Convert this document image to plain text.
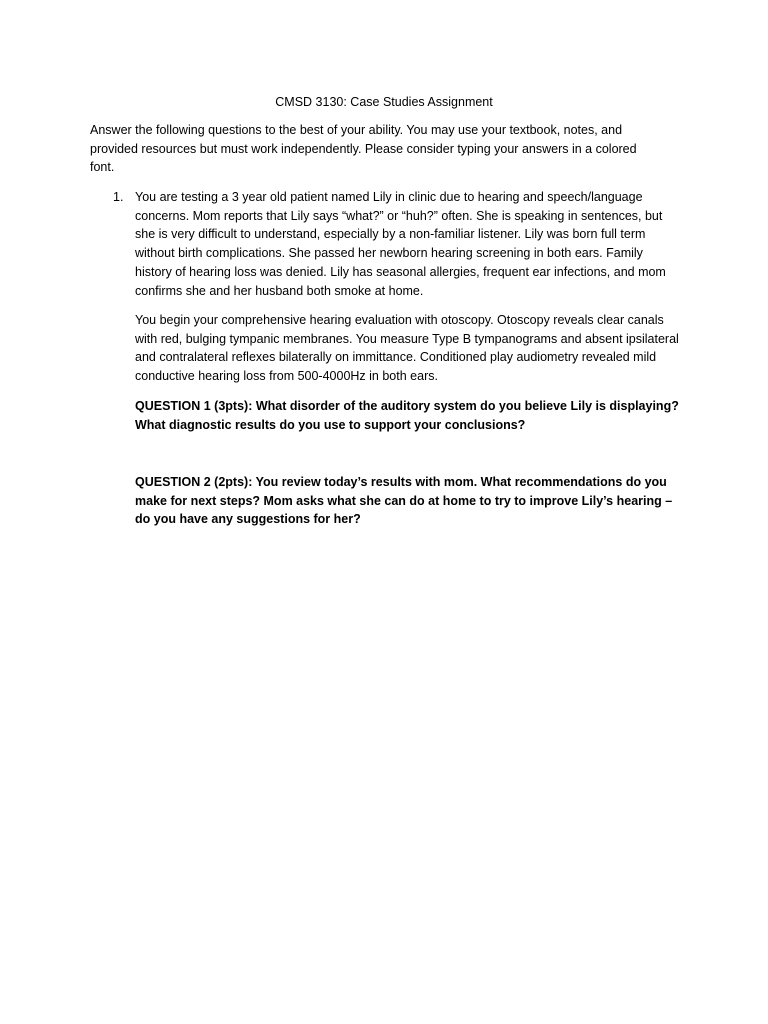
CMSD 3130: Case Studies Assignment
Answer the following questions to the best of your ability. You may use your textbook, notes, and provided resources but must work independently. Please consider typing your answers in a colored font.
1. You are testing a 3 year old patient named Lily in clinic due to hearing and speech/language concerns. Mom reports that Lily says “what?” or “huh?” often. She is speaking in sentences, but she is very difficult to understand, especially by a non-familiar listener. Lily was born full term without birth complications. She passed her newborn hearing screening in both ears. Family history of hearing loss was denied. Lily has seasonal allergies, frequent ear infections, and mom confirms she and her husband both smoke at home.
You begin your comprehensive hearing evaluation with otoscopy. Otoscopy reveals clear canals with red, bulging tympanic membranes. You measure Type B tympanograms and absent ipsilateral and contralateral reflexes bilaterally on immittance. Conditioned play audiometry revealed mild conductive hearing loss from 500-4000Hz in both ears.
QUESTION 1 (3pts): What disorder of the auditory system do you believe Lily is displaying? What diagnostic results do you use to support your conclusions?
QUESTION 2 (2pts): You review today’s results with mom. What recommendations do you make for next steps? Mom asks what she can do at home to try to improve Lily’s hearing – do you have any suggestions for her?
